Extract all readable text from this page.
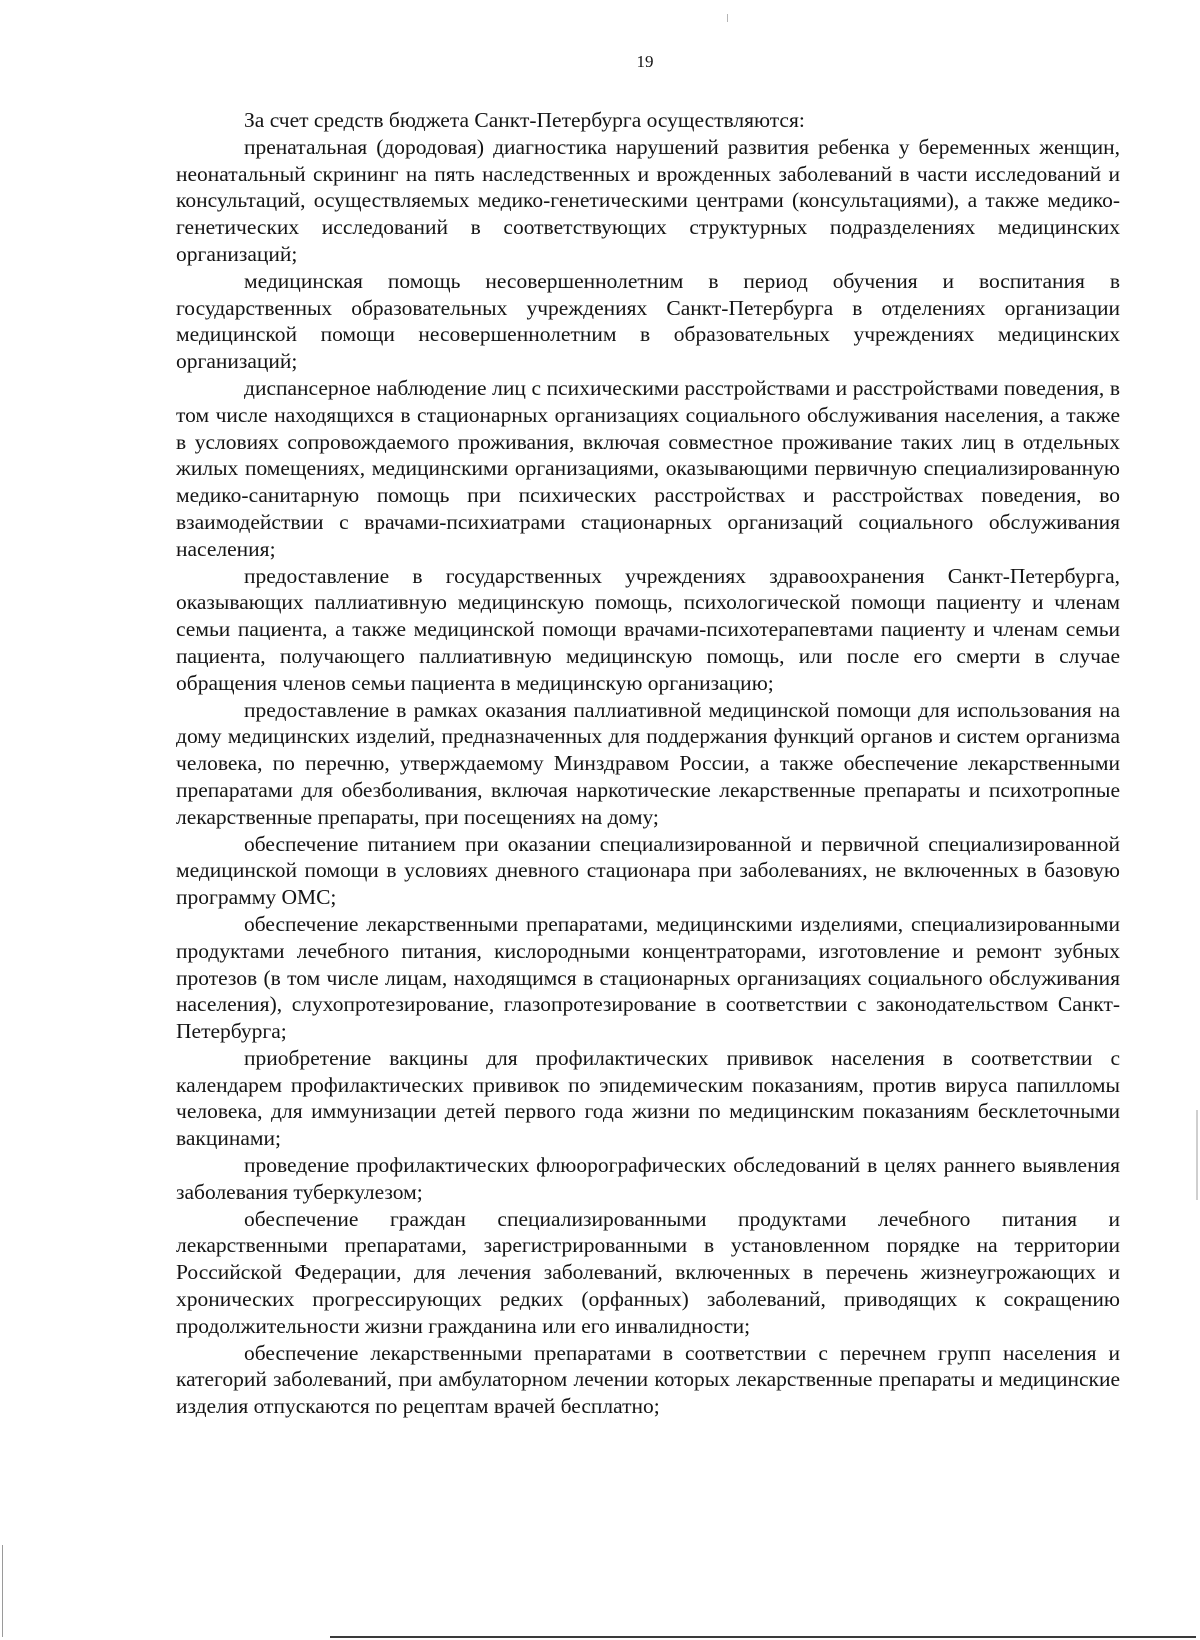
19

За счет средств бюджета Санкт-Петербурга осуществляются:

пренатальная (дородовая) диагностика нарушений развития ребенка у беременных женщин, неонатальный скрининг на пять наследственных и врожденных заболеваний в части исследований и консультаций, осуществляемых медико-генетическими центрами (консультациями), а также медико-генетических исследований в соответствующих структурных подразделениях медицинских организаций;

медицинская помощь несовершеннолетним в период обучения и воспитания в государственных образовательных учреждениях Санкт-Петербурга в отделениях организации медицинской помощи несовершеннолетним в образовательных учреждениях медицинских организаций;

диспансерное наблюдение лиц с психическими расстройствами и расстройствами поведения, в том числе находящихся в стационарных организациях социального обслуживания населения, а также в условиях сопровождаемого проживания, включая совместное проживание таких лиц в отдельных жилых помещениях, медицинскими организациями, оказывающими первичную специализированную медико-санитарную помощь при психических расстройствах и расстройствах поведения, во взаимодействии с врачами-психиатрами стационарных организаций социального обслуживания населения;

предоставление в государственных учреждениях здравоохранения Санкт-Петербурга, оказывающих паллиативную медицинскую помощь, психологической помощи пациенту и членам семьи пациента, а также медицинской помощи врачами-психотерапевтами пациенту и членам семьи пациента, получающего паллиативную медицинскую помощь, или после его смерти в случае обращения членов семьи пациента в медицинскую организацию;

предоставление в рамках оказания паллиативной медицинской помощи для использования на дому медицинских изделий, предназначенных для поддержания функций органов и систем организма человека, по перечню, утверждаемому Минздравом России, а также обеспечение лекарственными препаратами для обезболивания, включая наркотические лекарственные препараты и психотропные лекарственные препараты, при посещениях на дому;

обеспечение питанием при оказании специализированной и первичной специализированной медицинской помощи в условиях дневного стационара при заболеваниях, не включенных в базовую программу ОМС;

обеспечение лекарственными препаратами, медицинскими изделиями, специализированными продуктами лечебного питания, кислородными концентраторами, изготовление и ремонт зубных протезов (в том числе лицам, находящимся в стационарных организациях социального обслуживания населения), слухопротезирование, глазопротезирование в соответствии с законодательством Санкт-Петербурга;

приобретение вакцины для профилактических прививок населения в соответствии с календарем профилактических прививок по эпидемическим показаниям, против вируса папилломы человека, для иммунизации детей первого года жизни по медицинским показаниям бесклеточными вакцинами;

проведение профилактических флюорографических обследований в целях раннего выявления заболевания туберкулезом;

обеспечение граждан специализированными продуктами лечебного питания и лекарственными препаратами, зарегистрированными в установленном порядке на территории Российской Федерации, для лечения заболеваний, включенных в перечень жизнеугрожающих и хронических прогрессирующих редких (орфанных) заболеваний, приводящих к сокращению продолжительности жизни гражданина или его инвалидности;

обеспечение лекарственными препаратами в соответствии с перечнем групп населения и категорий заболеваний, при амбулаторном лечении которых лекарственные препараты и медицинские изделия отпускаются по рецептам врачей бесплатно;
